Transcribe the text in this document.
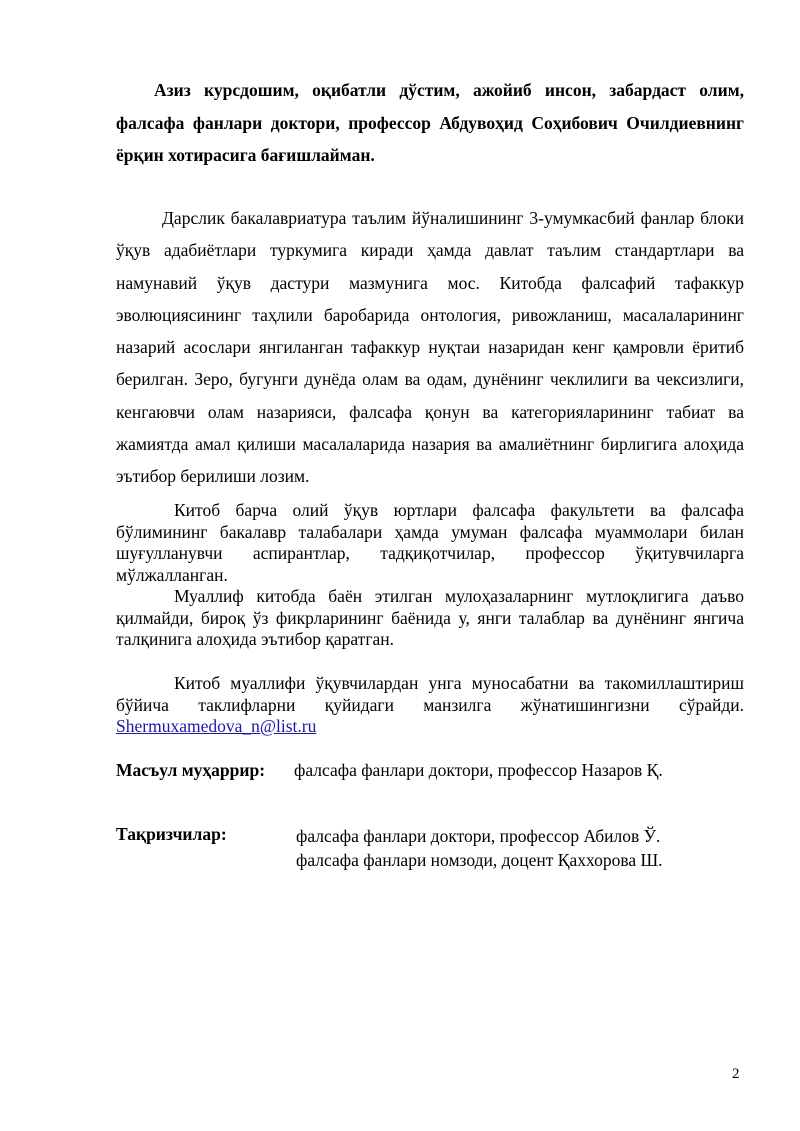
Азиз курсдошим, оқибатли дўстим, ажойиб инсон, забардаст олим, фалсафа фанлари доктори, профессор Абдувоҳид Соҳибович Очилдиевнинг ёрқин хотирасига бағишлайман.
Дарслик бакалавриатура таълим йўналишининг 3-умумкасбий фанлар блоки ўқув адабиётлари туркумига киради ҳамда давлат таълим стандартлари ва намунавий ўқув дастури мазмунига мос. Китобда фалсафий тафаккур эволюциясининг таҳлили баробарида онтология, ривожланиш, масалаларининг назарий асослари янгиланган тафаккур нуқтаи назаридан кенг қамровли ёритиб берилган. Зеро, бугунги дунёда олам ва одам, дунёнинг чеклилиги ва чексизлиги, кенгаювчи олам назарияси, фалсафа қонун ва категорияларининг табиат ва жамиятда амал қилиши масалаларида назария ва амалиётнинг бирлигига алоҳида эътибор берилиши лозим.

Китоб барча олий ўқув юртлари фалсафа факультети ва фалсафа бўлимининг бакалавр талабалари ҳамда умуман фалсафа муаммолари билан шуғулланувчи аспирантлар, тадқиқотчилар, профессор ўқитувчиларга мўлжалланган.

Муаллиф китобда баён этилган мулоҳазаларнинг мутлоқлигига даъво қилмайди, бироқ ўз фикрларининг баёнида у, янги талаблар ва дунёнинг янгича талқинига алоҳида эътибор қаратган.

Китоб муаллифи ўқувчилардан унга муносабатни ва такомиллаштириш бўйича таклифларни қуйидаги манзилга жўнатишингизни сўрайди. Shermuxamedova_n@list.ru

Масъул муҳаррир: фалсафа фанлари доктори, профессор Назаров Қ.
Тақризчилар:	фалсафа фанлари доктори, профессор Абилов Ў.
фалсафа фанлари номзоди, доцент Қаххорова Ш.
2
